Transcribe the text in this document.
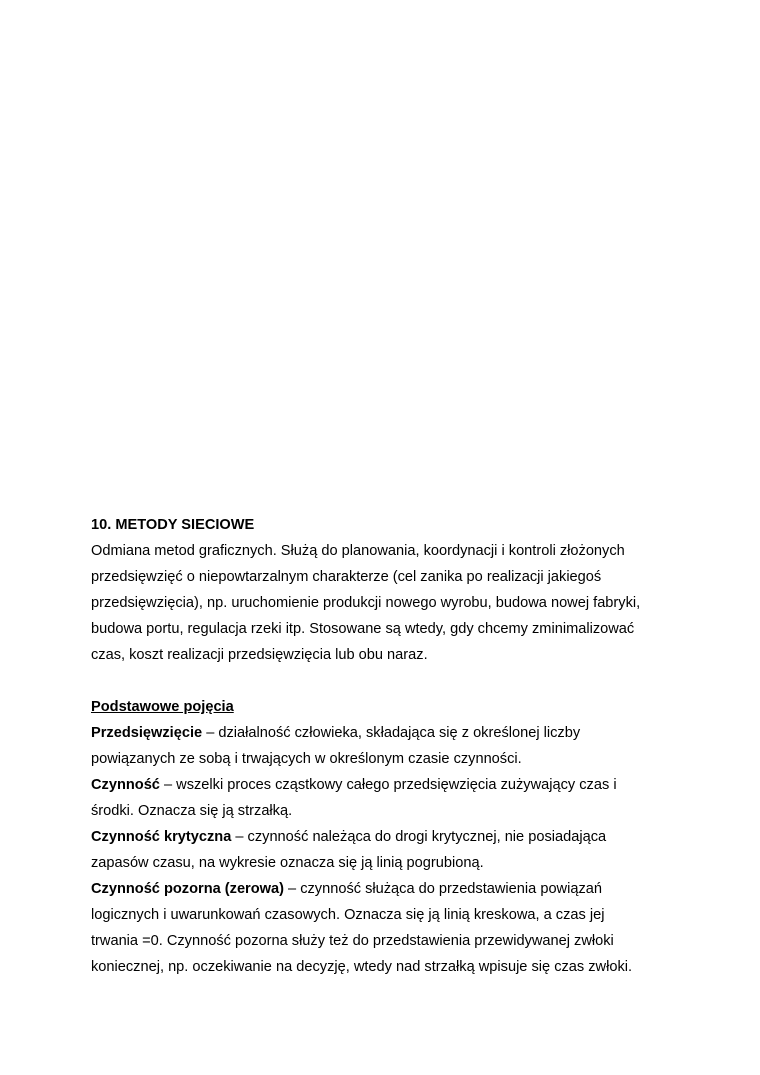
10. METODY SIECIOWE

Odmiana metod graficznych. Służą do planowania, koordynacji i kontroli złożonych
przedsięwzięć o niepowtarzalnym charakterze (cel zanika po realizacji jakiegoś
przedsięwzięcia), np. uruchomienie produkcji nowego wyrobu, budowa nowej fabryki,
budowa portu, regulacja rzeki itp. Stosowane są wtedy, gdy chcemy zminimalizować
czas, koszt realizacji przedsięwzięcia lub obu naraz.

Podstawowe pojęcia

Przedsięwzięcie – działalność człowieka, składająca się z określonej liczby
powiązanych ze sobą i trwających w określonym czasie czynności.
Czynność – wszelki proces cząstkowy całego przedsięwzięcia zużywający czas i
środki. Oznacza się ją strzałką.
Czynność krytyczna – czynność należąca do drogi krytycznej, nie posiadająca
zapasów czasu, na wykresie oznacza się ją linią pogrubioną.
Czynność pozorna (zerowa) – czynność służąca do przedstawienia powiązań
logicznych i uwarunkowań czasowych. Oznacza się ją linią kreskowa, a czas jej
trwania =0. Czynność pozorna służy też do przedstawienia przewidywanej zwłoki
koniecznej, np. oczekiwanie na decyzję, wtedy nad strzałką wpisuje się czas zwłoki.
